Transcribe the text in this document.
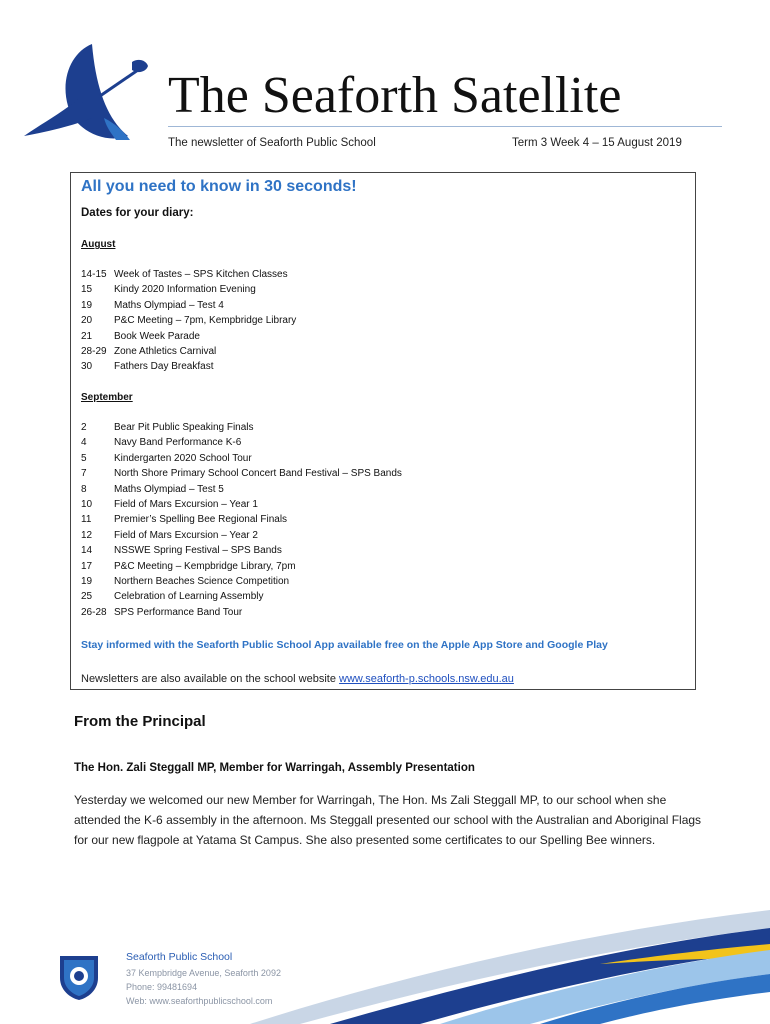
The Seaforth Satellite
The newsletter of Seaforth Public School	Term 3 Week 4 – 15 August 2019
All you need to know in 30 seconds!
Dates for your diary:
August
14-15 Week of Tastes – SPS Kitchen Classes
15 Kindy 2020 Information Evening
19 Maths Olympiad – Test 4
20 P&C Meeting – 7pm, Kempbridge Library
21 Book Week Parade
28-29 Zone Athletics Carnival
30 Fathers Day Breakfast
September
2	Bear Pit Public Speaking Finals
4	Navy Band Performance K-6
5	Kindergarten 2020 School Tour
7	North Shore Primary School Concert Band Festival – SPS Bands
8	Maths Olympiad – Test 5
10 Field of Mars Excursion – Year 1
11 Premier’s Spelling Bee Regional Finals
12 Field of Mars Excursion – Year 2
14 NSSWE Spring Festival – SPS Bands
17 P&C Meeting – Kempbridge Library, 7pm
19 Northern Beaches Science Competition
25 Celebration of Learning Assembly
26-28 SPS Performance Band Tour
Stay informed with the Seaforth Public School App available free on the Apple App Store and Google Play
Newsletters are also available on the school website www.seaforth-p.schools.nsw.edu.au
From the Principal
The Hon. Zali Steggall MP, Member for Warringah, Assembly Presentation
Yesterday we welcomed our new Member for Warringah, The Hon. Ms Zali Steggall MP, to our school when she attended the K-6 assembly in the afternoon. Ms Steggall presented our school with the Australian and Aboriginal Flags for our new flagpole at Yatama St Campus. She also presented some certificates to our Spelling Bee winners.
Seaforth Public School
37 Kempbridge Avenue, Seaforth 2092
Phone: 99481694
Web: www.seaforthpublicschool.com
